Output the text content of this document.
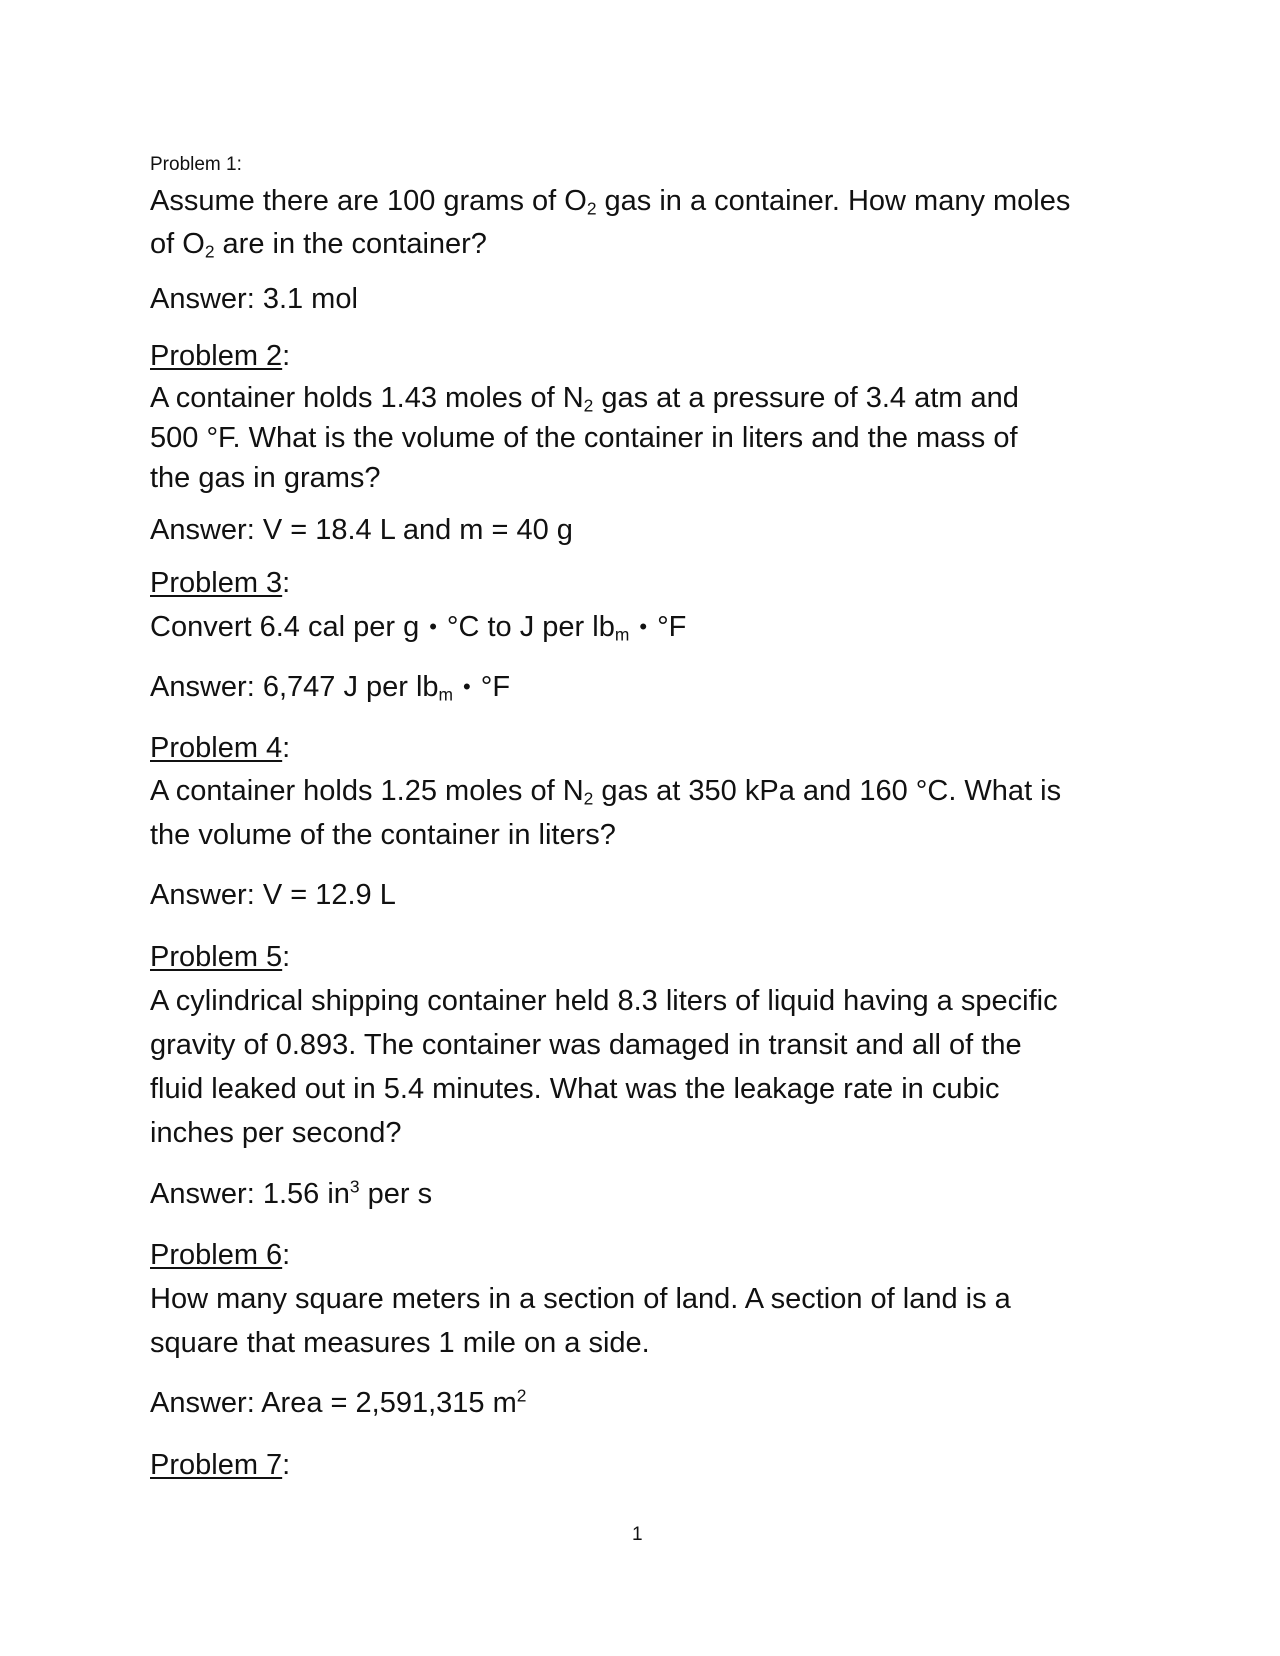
Problem 1:

Assume there are 100 grams of $O_2$ gas in a container. How many moles

of $O_2$ are in the container?

Answer: 3.1 mol

Problem 2:

A container holds 1.43 moles of $N_2$ gas at a pressure of 3.4 atm and

500 °F. What is the volume of the container in liters and the mass of

the gas in grams?

Answer: V = 18.4 L and m = 40 g

Problem 3:

Convert 6.4 cal per g • °C to J per $lb_m$ • °F

Answer: 6,747 J per $lb_m$ • °F

Problem 4:

A container holds 1.25 moles of $N_2$ gas at 350 kPa and 160 °C. What is

the volume of the container in liters?

Answer: V = 12.9 L

Problem 5:

A cylindrical shipping container held 8.3 liters of liquid having a specific

gravity of 0.893. The container was damaged in transit and all of the

fluid leaked out in 5.4 minutes. What was the leakage rate in cubic

inches per second?

Answer: 1.56 $in^3$ per s

Problem 6:

How many square meters in a section of land. A section of land is a

square that measures 1 mile on a side.

Answer: Area = 2,591,315 $m^2$

Problem 7:

1
